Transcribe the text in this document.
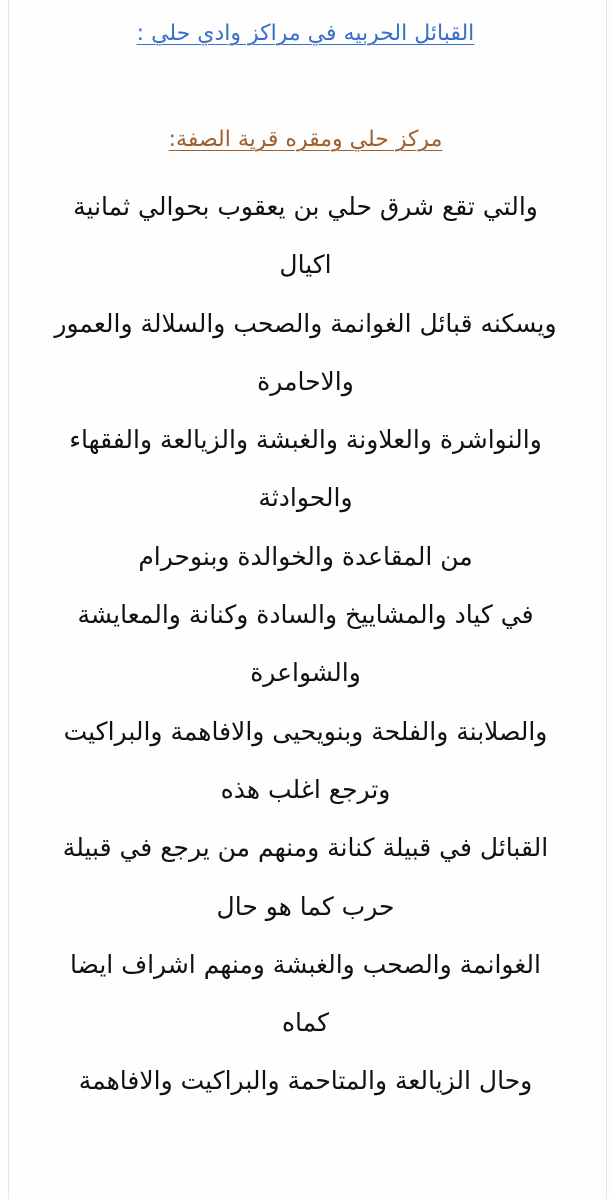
القبائل الحربيه في مراكز وادي حلي :
مركز حلي ومقره قرية الصفة:
والتي تقع شرق حلي بن يعقوب بحوالي ثمانية
اكيال
ويسكنه قبائل الغوانمة والصحب والسلالة والعمور
والاحامرة
والنواشرة والعلاونة والغبشة والزيالعة والفقهاء
والحوادثة
من المقاعدة والخوالدة وبنوحرام
في كياد والمشاييخ والسادة وكنانة والمعايشة
والشواعرة
والصلابنة والفلحة وبنويحيى والافاهمة والبراكيت
وترجع اغلب هذه
القبائل في قبيلة كنانة ومنهم من يرجع في قبيلة
حرب كما هو حال
الغوانمة والصحب والغبشة ومنهم اشراف ايضا
كماه
وحال الزيالعة والمتاحمة والبراكيت والافاهمة
